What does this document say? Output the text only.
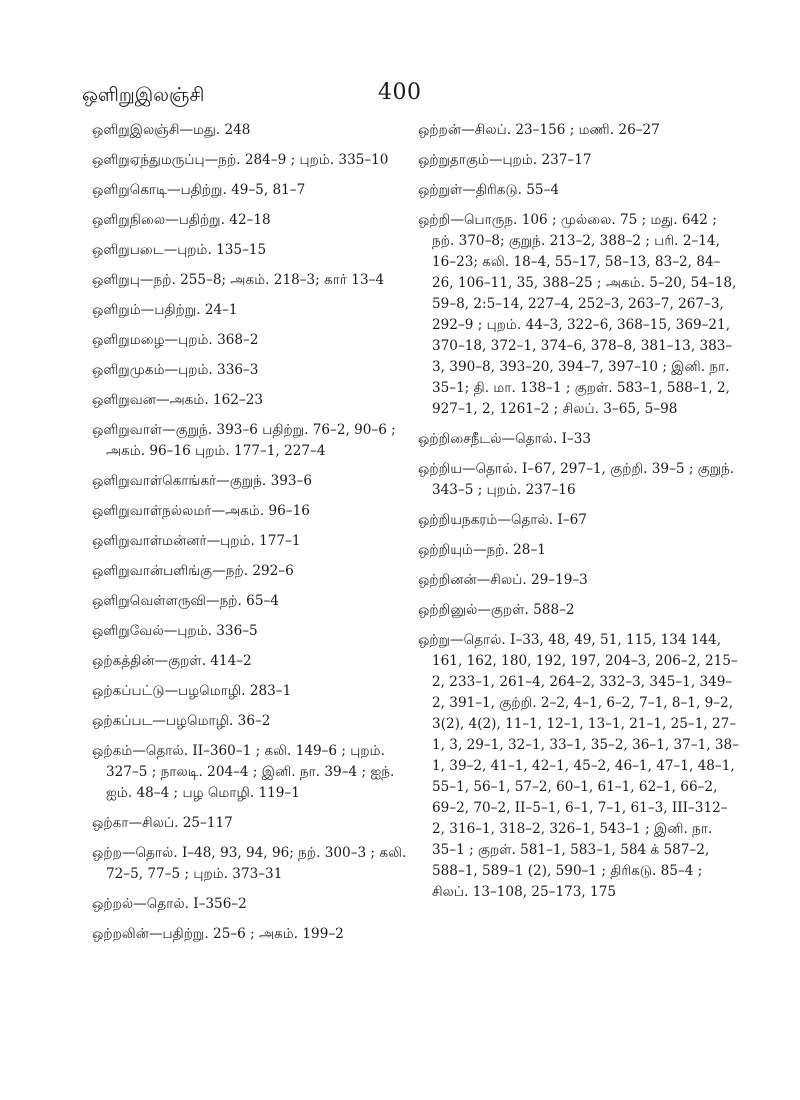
ஒளிறுஇலஞ்சி	400
ஒளிறுஇலஞ்சி—மது. 248
ஒளிறுஏந்துமருப்பு—நற். 284–9 ; புறம். 335–10
ஒளிறுகொடி—பதிற்று. 49–5, 81–7
ஒளிறுநிலை—பதிற்று. 42–18
ஒளிறுபடை—புறம். 135–15
ஒளிறுபு—நற். 255–8; அகம். 218–3; கார் 13–4
ஒளிறும்—பதிற்று. 24–1
ஒளிறுமழை—புறம். 368–2
ஒளிறுமுகம்—புறம். 336–3
ஒளிறுவன—அகம். 162–23
ஒளிறுவாள்—குறுந். 393–6 பதிற்று. 76–2, 90–6 ; அகம். 96–16 புறம். 177–1, 227–4
ஒளிறுவாள்கொங்கர்—குறுந். 393–6
ஒளிறுவாள்நல்லமர்—அகம். 96–16
ஒளிறுவாள்மன்னர்—புறம். 177–1
ஒளிறுவான்பளிங்கு—நற். 292–6
ஒளிறுவெள்ளருவி—நற். 65–4
ஒளிறுவேல்—புறம். 336–5
ஒற்கத்தின்—குறள். 414–2
ஒற்கப்பட்டு—பழமொழி. 283–1
ஒற்கப்பட—பழமொழி. 36–2
ஒற்கம்—தொல். II–360–1 ; கலி. 149–6 ; புறம். 327–5 ; நாலடி. 204–4 ; இனி. நா. 39–4 ; ஐந். ஐம். 48–4 ; பழ மொழி. 119–1
ஒற்கா—சிலப். 25–117
ஒற்ற—தொல். I–48, 93, 94, 96; நற். 300–3 ; கலி. 72–5, 77–5 ; புறம். 373–31
ஒற்றல்—தொல். I–356–2
ஒற்றலின்—பதிற்று. 25–6 ; அகம். 199–2
ஒற்றன்—சிலப். 23–156 ; மணி. 26–27
ஒற்றுதாகும்—புறம். 237–17
ஒற்றுள்—திரிகடு. 55–4
ஒற்றி—பொருந. 106 ; முல்லை. 75 ; மது. 642 ; நற். 370–8; குறுந். 213–2, 388–2 ; பரி. 2–14, 16–23; கலி. 18–4, 55–17, 58–13, 83–2, 84–26, 106–11, 35, 388–25 ; அகம். 5–20, 54–18, 59–8, 2:5–14, 227–4, 252–3, 263–7, 267–3, 292–9 ; புறம். 44–3, 322–6, 368–15, 369–21, 370–18, 372–1, 374–6, 378–8, 381–13, 383–3, 390–8, 393–20, 394–7, 397–10 ; இனி. நா. 35–1; தி. மா. 138–1 ; குறள். 583–1, 588–1, 2, 927–1, 2, 1261–2 ; சிலப். 3–65, 5–98
ஒற்றிசைநீடல்—தொல். I–33
ஒற்றிய—தொல். I–67, 297–1, குற்றி. 39–5 ; குறுந். 343–5 ; புறம். 237–16
ஒற்றியநகரம்—தொல். I–67
ஒற்றியும்—நற். 28–1
ஒற்றினன்—சிலப். 29–19–3
ஒற்றினுல்—குறள். 588–2
ஒற்று—தொல். I–33, 48, 49, 51, 115, 134 144, 161, 162, 180, 192, 197, 204–3, 206–2, 215–2, 233–1, 261–4, 264–2, 332–3, 345–1, 349–2, 391–1, குற்றி. 2–2, 4–1, 6–2, 7–1, 8–1, 9–2, 3(2), 4(2), 11–1, 12–1, 13–1, 21–1, 25–1, 27–1, 3, 29–1, 32–1, 33–1, 35–2, 36–1, 37–1, 38–1, 39–2, 41–1, 42–1, 45–2, 46–1, 47–1, 48–1, 55–1, 56–1, 57–2, 60–1, 61–1, 62–1, 66–2, 69–2, 70–2, II–5–1, 6–1, 7–1, 61–3, III–312–2, 316–1, 318–2, 326–1, 543–1 ; இனி. நா. 35–1 ; குறள். 581–1, 583–1, 584 க் 587–2, 588–1, 589–1 (2), 590–1 ; திரிகடு. 85–4 ; சிலப். 13–108, 25–173, 175
